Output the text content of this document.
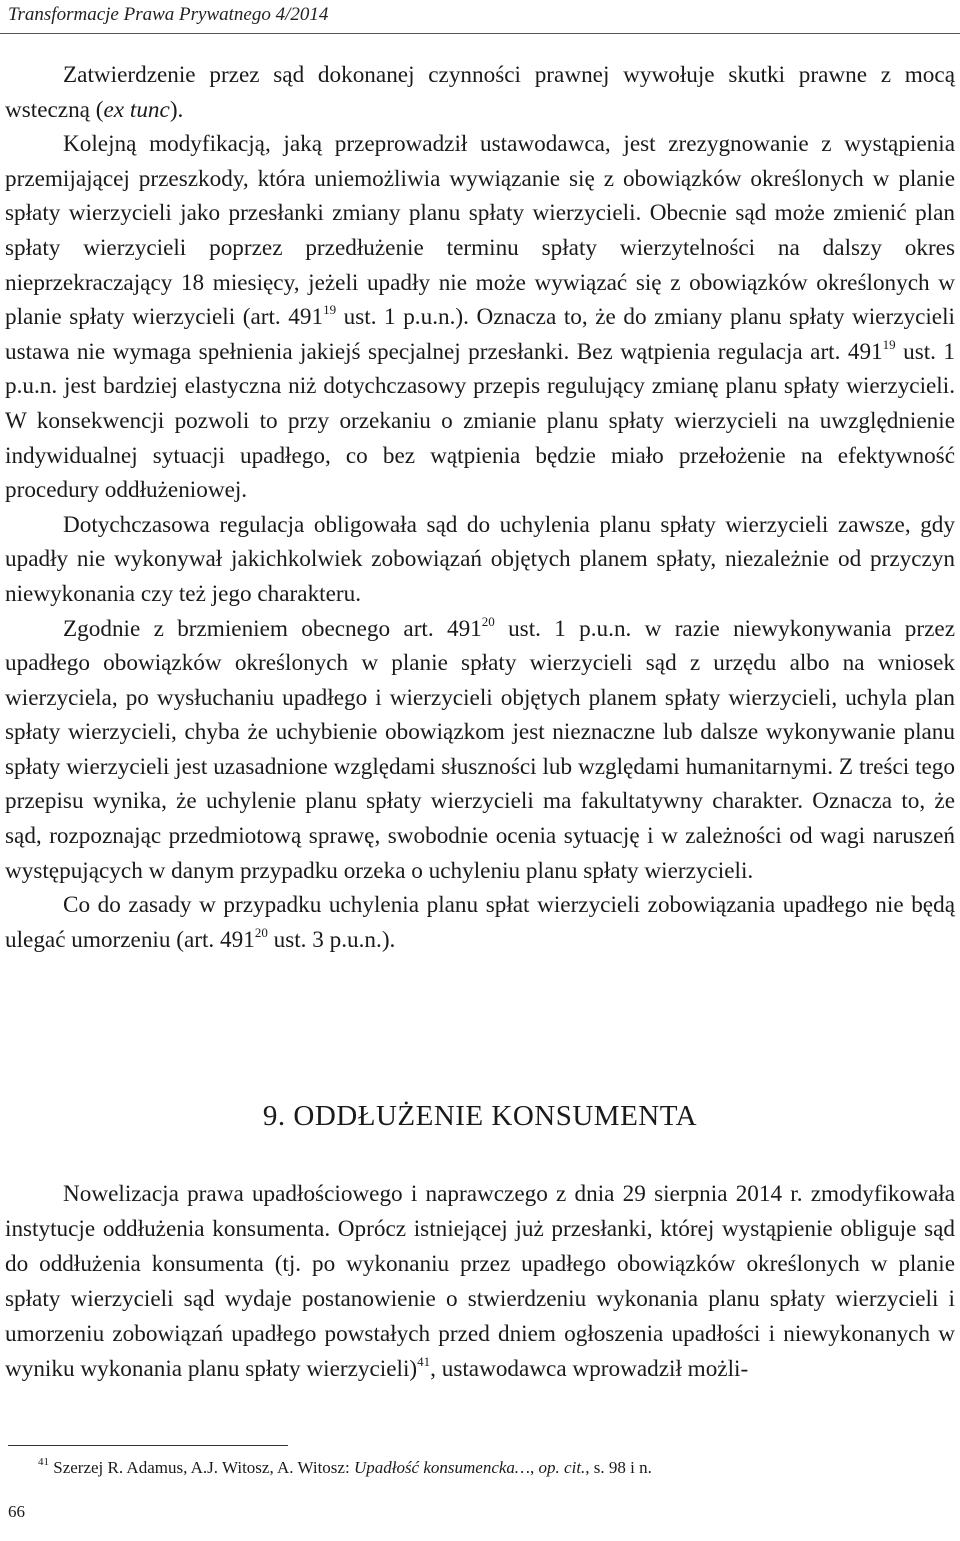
Transformacje Prawa Prywatnego 4/2014

Zatwierdzenie przez sąd dokonanej czynności prawnej wywołuje skutki prawne z mocą wsteczną (ex tunc).

Kolejną modyfikacją, jaką przeprowadził ustawodawca, jest zrezygnowanie z wystąpienia przemijającej przeszkody, która uniemożliwia wywiązanie się z obowiązków określonych w planie spłaty wierzycieli jako przesłanki zmiany planu spłaty wierzycieli. Obecnie sąd może zmienić plan spłaty wierzycieli poprzez przedłużenie terminu spłaty wierzytelności na dalszy okres nieprzekraczający 18 miesięcy, jeżeli upadły nie może wywiązać się z obowiązków określonych w planie spłaty wierzycieli (art. $491^{19}$ ust. 1 p.u.n.). Oznacza to, że do zmiany planu spłaty wierzycieli ustawa nie wymaga spełnienia jakiejś specjalnej przesłanki. Bez wątpienia regulacja art. $491^{19}$ ust. 1 p.u.n. jest bardziej elastyczna niż dotychczasowy przepis regulujący zmianę planu spłaty wierzycieli. W konsekwencji pozwoli to przy orzekaniu o zmianie planu spłaty wierzycieli na uwzględnienie indywidualnej sytuacji upadłego, co bez wątpienia będzie miało przełożenie na efektywność procedury oddłużeniowej.

Dotychczasowa regulacja obligowała sąd do uchylenia planu spłaty wierzycieli zawsze, gdy upadły nie wykonywał jakichkolwiek zobowiązań objętych planem spłaty, niezależnie od przyczyn niewykonania czy też jego charakteru.

Zgodnie z brzmieniem obecnego art. $491^{20}$ ust. 1 p.u.n. w razie niewykonywania przez upadłego obowiązków określonych w planie spłaty wierzycieli sąd z urzędu albo na wniosek wierzyciela, po wysłuchaniu upadłego i wierzycieli objętych planem spłaty wierzycieli, uchyla plan spłaty wierzycieli, chyba że uchybienie obowiązkom jest nieznaczne lub dalsze wykonywanie planu spłaty wierzycieli jest uzasadnione względami słuszności lub względami humanitarnymi. Z treści tego przepisu wynika, że uchylenie planu spłaty wierzycieli ma fakultatywny charakter. Oznacza to, że sąd, rozpoznając przedmiotową sprawę, swobodnie ocenia sytuację i w zależności od wagi naruszeń występujących w danym przypadku orzeka o uchyleniu planu spłaty wierzycieli.

Co do zasady w przypadku uchylenia planu spłat wierzycieli zobowiązania upadłego nie będą ulegać umorzeniu (art. $491^{20}$ ust. 3 p.u.n.).

9. ODDŁUŻENIE KONSUMENTA

Nowelizacja prawa upadłościowego i naprawczego z dnia 29 sierpnia 2014 r. zmodyfikowała instytucje oddłużenia konsumenta. Oprócz istniejącej już przesłanki, której wystąpienie obliguje sąd do oddłużenia konsumenta (tj. po wykonaniu przez upadłego obowiązków określonych w planie spłaty wierzycieli sąd wydaje postanowienie o stwierdzeniu wykonania planu spłaty wierzycieli i umorzeniu zobowiązań upadłego powstałych przed dniem ogłoszenia upadłości i niewykonanych w wyniku wykonania planu spłaty wierzycieli)$^{41}$, ustawodawca wprowadził możli-

$^{41}$ Szerzej R. Adamus, A.J. Witosz, A. Witosz: Upadłość konsumencka…, op. cit., s. 98 i n.
66
